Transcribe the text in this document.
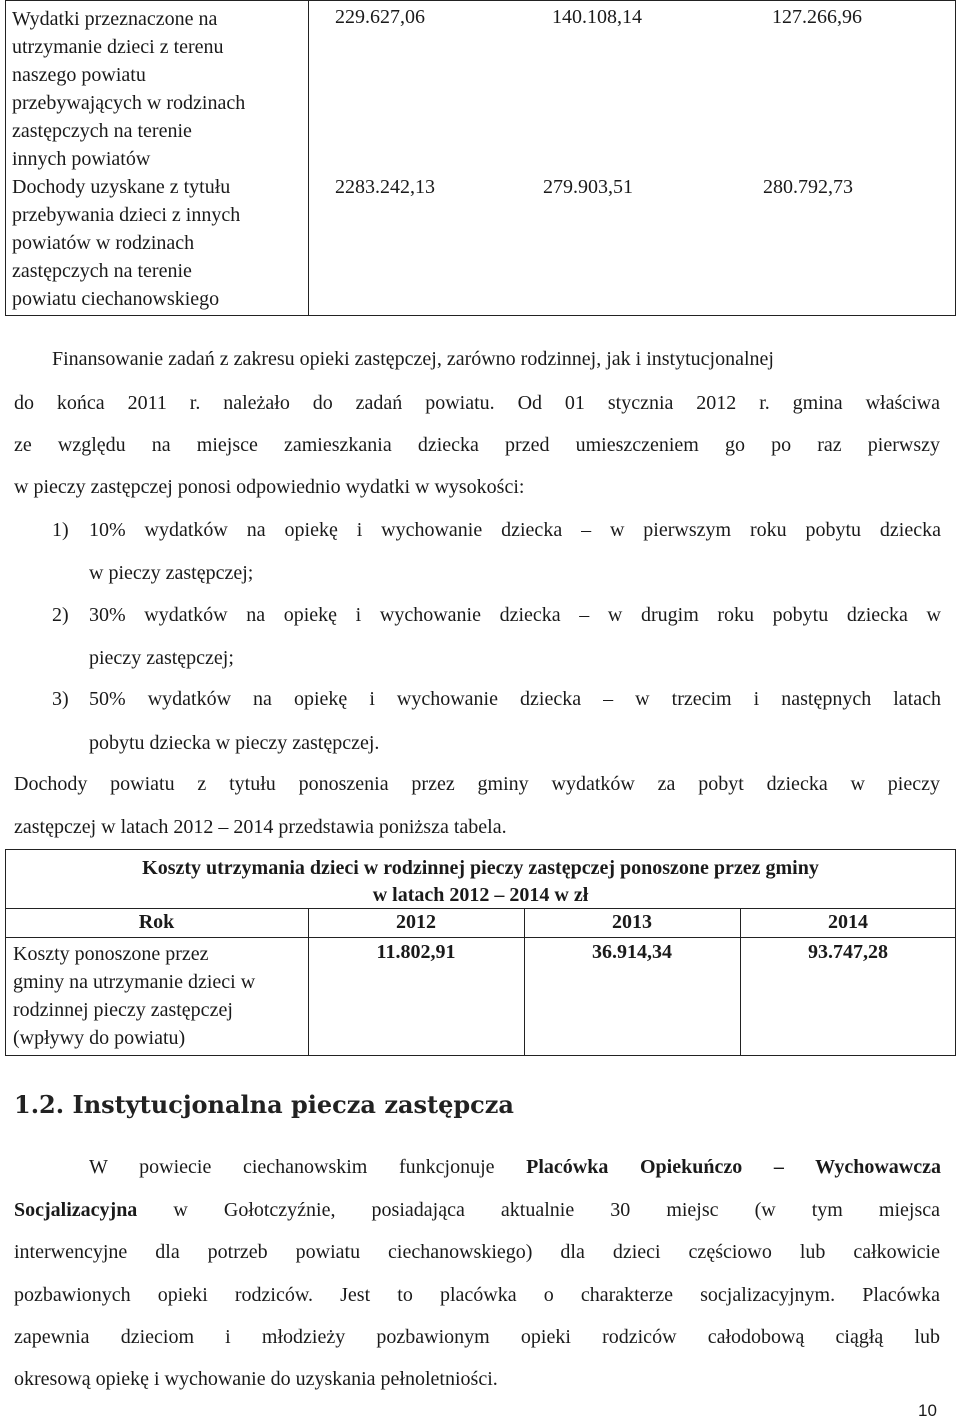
Wydatki przeznaczone na
utrzymanie dzieci z terenu
naszego powiatu
przebywających w rodzinach
zastępczych na terenie
innych powiatów
229.627,06	140.108,14	127.266,96
Dochody uzyskane z tytułu
przebywania dzieci z innych
powiatów w rodzinach
zastępczych na terenie
powiatu ciechanowskiego
2283.242,13	279.903,51	280.792,73
Finansowanie zadań z zakresu opieki zastępczej, zarówno rodzinnej, jak i instytucjonalnej
do końca 2011 r. należało do zadań powiatu. Od 01 stycznia 2012 r. gmina właściwa
ze względu na miejsce zamieszkania dziecka przed umieszczeniem go po raz pierwszy
w pieczy zastępczej ponosi odpowiednio wydatki w wysokości:
1) 10% wydatków na opiekę i wychowanie dziecka – w pierwszym roku pobytu dziecka
w pieczy zastępczej;
2) 30% wydatków na opiekę i wychowanie dziecka – w drugim roku pobytu dziecka w
pieczy zastępczej;
3) 50% wydatków na opiekę i wychowanie dziecka – w trzecim i następnych latach
pobytu dziecka w pieczy zastępczej.
Dochody powiatu z tytułu ponoszenia przez gminy wydatków za pobyt dziecka w pieczy
zastępczej w latach 2012 – 2014 przedstawia poniższa tabela.
Koszty utrzymania dzieci w rodzinnej pieczy zastępczej ponoszone przez gminy
w latach 2012 – 2014 w zł
Rok	2012	2013	2014
Koszty ponoszone przez
gminy na utrzymanie dzieci w
rodzinnej pieczy zastępczej
(wpływy do powiatu)
11.802,91	36.914,34	93.747,28
1.2. Instytucjonalna piecza zastępcza
W powiecie ciechanowskim funkcjonuje Placówka Opiekuńczo – Wychowawcza
Socjalizacyjna w Gołotczyźnie, posiadająca aktualnie 30 miejsc (w tym miejsca
interwencyjne dla potrzeb powiatu ciechanowskiego) dla dzieci częściowo lub całkowicie
pozbawionych opieki rodziców. Jest to placówka o charakterze socjalizacyjnym. Placówka
zapewnia dzieciom i młodzieży pozbawionym opieki rodziców całodobową ciągłą lub
okresową opiekę i wychowanie do uzyskania pełnoletniości.
10
